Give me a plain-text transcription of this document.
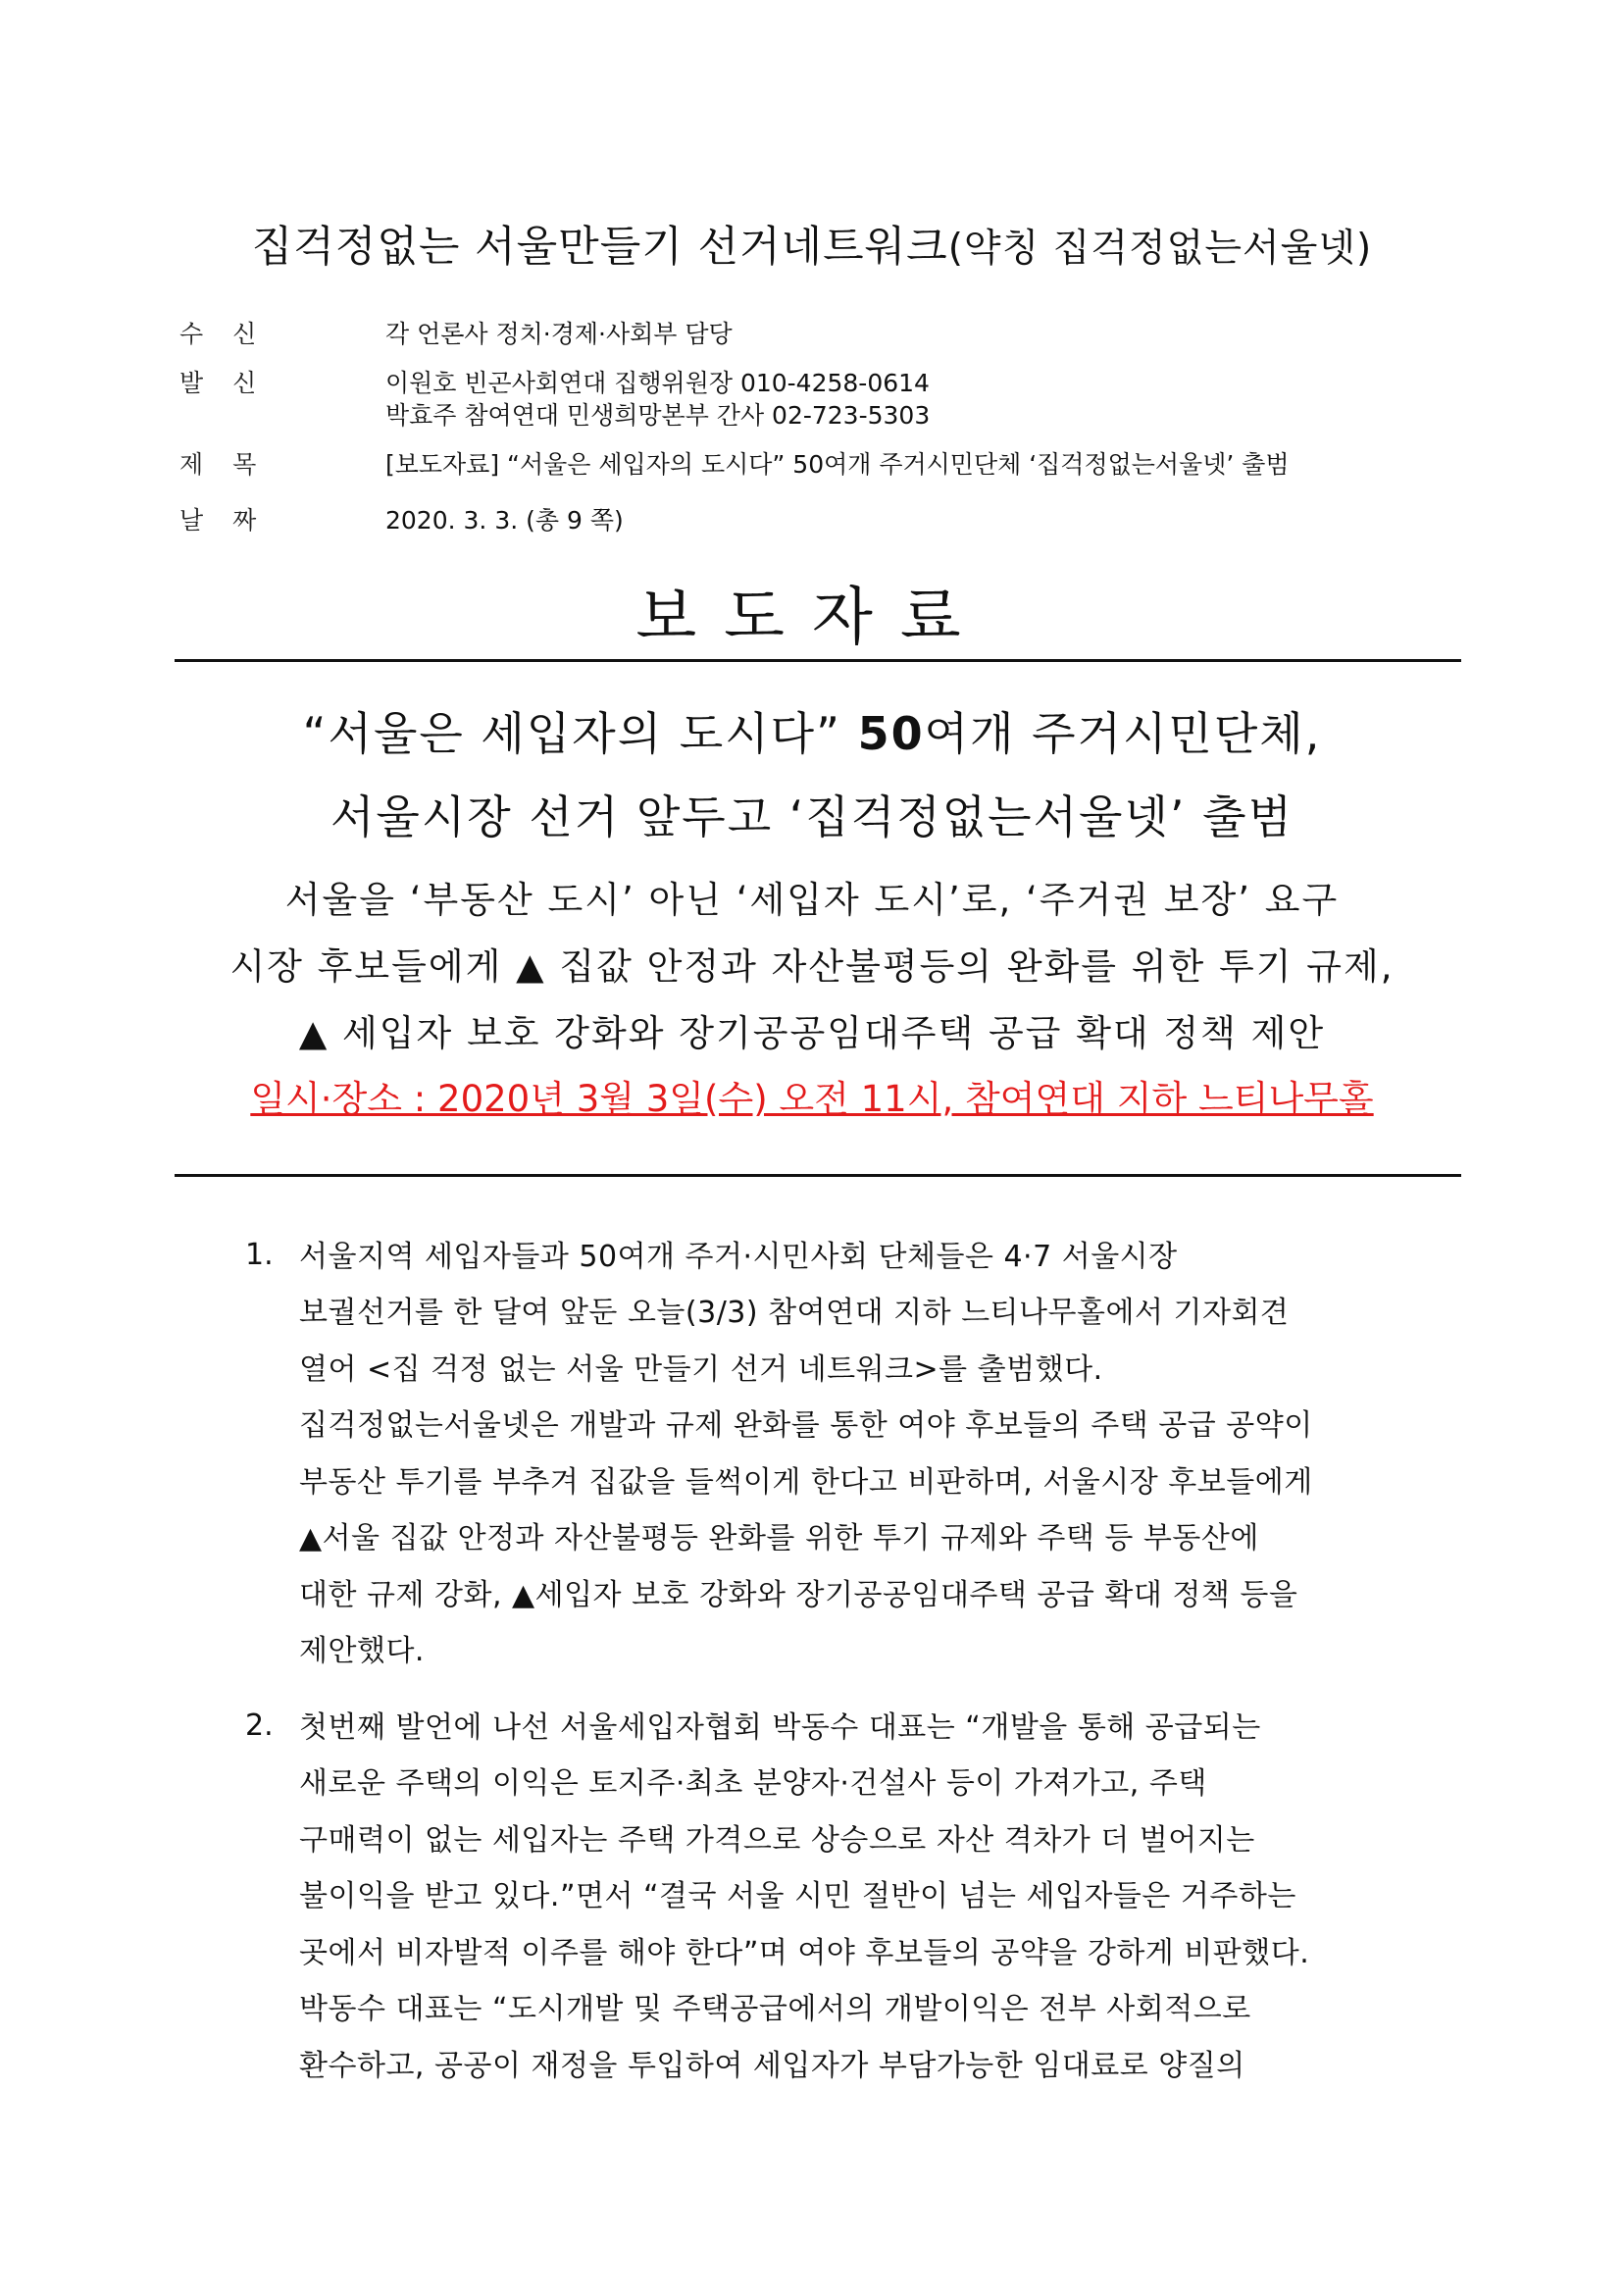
집걱정없는 서울만들기 선거네트워크(약칭 집걱정없는서울넷)
수신	각 언론사 정치·경제·사회부 담당
발신	이원호 빈곤사회연대 집행위원장 010-4258-0614
박효주 참여연대 민생희망본부 간사 02-723-5303
제목	[보도자료] “서울은 세입자의 도시다” 50여개 주거시민단체 ‘집걱정없는서울넷’ 출범
날짜	2020. 3. 3. (총 9 쪽)
보도자료
“서울은 세입자의 도시다” 50여개 주거시민단체,
서울시장 선거 앞두고 ‘집걱정없는서울넷’ 출범
서울을 ‘부동산 도시’ 아닌 ‘세입자 도시’로, ‘주거권 보장’ 요구
시장 후보들에게 ▲ 집값 안정과 자산불평등의 완화를 위한 투기 규제,
▲ 세입자 보호 강화와 장기공공임대주택 공급 확대 정책 제안
일시·장소 : 2020년 3월 3일(수) 오전 11시, 참여연대 지하 느티나무홀
1. 서울지역 세입자들과 50여개 주거·시민사회 단체들은 4·7 서울시장
보궐선거를 한 달여 앞둔 오늘(3/3) 참여연대 지하 느티나무홀에서 기자회견
열어 <집 걱정 없는 서울 만들기 선거 네트워크>를 출범했다.
집걱정없는서울넷은 개발과 규제 완화를 통한 여야 후보들의 주택 공급 공약이
부동산 투기를 부추겨 집값을 들썩이게 한다고 비판하며, 서울시장 후보들에게
▲서울 집값 안정과 자산불평등 완화를 위한 투기 규제와 주택 등 부동산에
대한 규제 강화, ▲세입자 보호 강화와 장기공공임대주택 공급 확대 정책 등을
제안했다.
2. 첫번째 발언에 나선 서울세입자협회 박동수 대표는 “개발을 통해 공급되는
새로운 주택의 이익은 토지주·최초 분양자·건설사 등이 가져가고, 주택
구매력이 없는 세입자는 주택 가격으로 상승으로 자산 격차가 더 벌어지는
불이익을 받고 있다.”면서 “결국 서울 시민 절반이 넘는 세입자들은 거주하는
곳에서 비자발적 이주를 해야 한다”며 여야 후보들의 공약을 강하게 비판했다.
박동수 대표는 “도시개발 및 주택공급에서의 개발이익은 전부 사회적으로
환수하고, 공공이 재정을 투입하여 세입자가 부담가능한 임대료로 양질의
